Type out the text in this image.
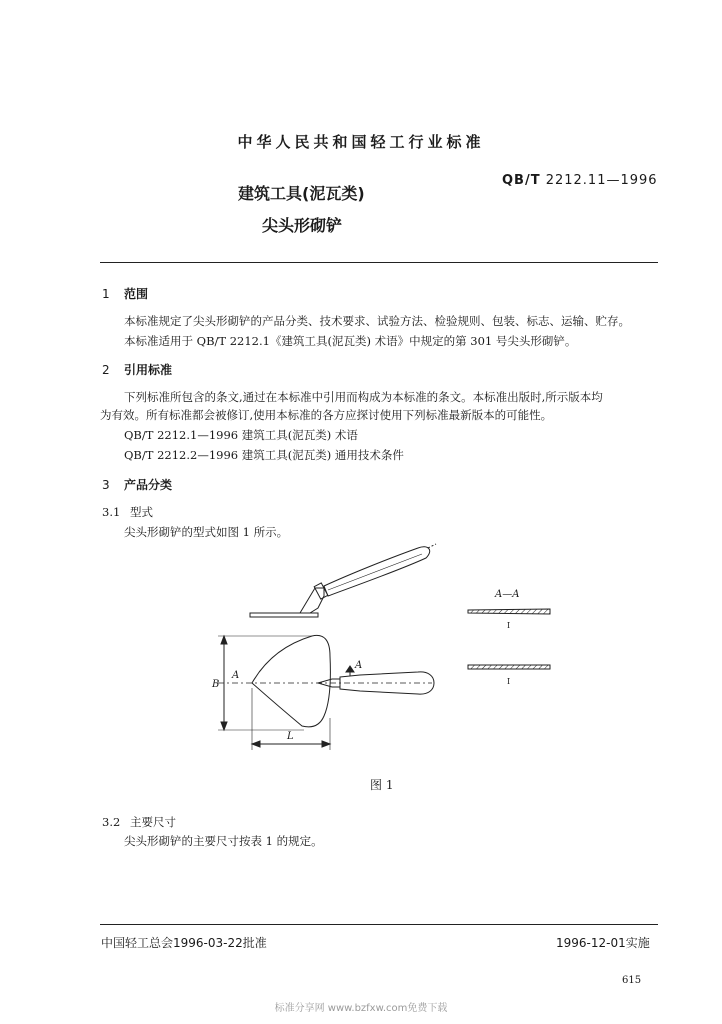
中华人民共和国轻工行业标准
QB/T 2212.11—1996
建筑工具(泥瓦类)
尖头形砌铲
1 范围
本标准规定了尖头形砌铲的产品分类、技术要求、试验方法、检验规则、包装、标志、运输、贮存。
本标准适用于 QB/T 2212.1《建筑工具(泥瓦类) 术语》中规定的第 301 号尖头形砌铲。
2 引用标准
下列标准所包含的条文,通过在本标准中引用而构成为本标准的条文。本标准出版时,所示版本均
为有效。所有标准都会被修订,使用本标准的各方应探讨使用下列标准最新版本的可能性。
QB/T 2212.1—1996 建筑工具(泥瓦类) 术语
QB/T 2212.2—1996 建筑工具(泥瓦类) 通用技术条件
3 产品分类
3.1 型式
尖头形砌铲的型式如图 1 所示。
B
A
A
L
A—A
I
I
图 1
3.2 主要尺寸
尖头形砌铲的主要尺寸按表 1 的规定。
中国轻工总会1996-03-22批准	1996-12-01实施
615
标准分享网 www.bzfxw.com免费下载
